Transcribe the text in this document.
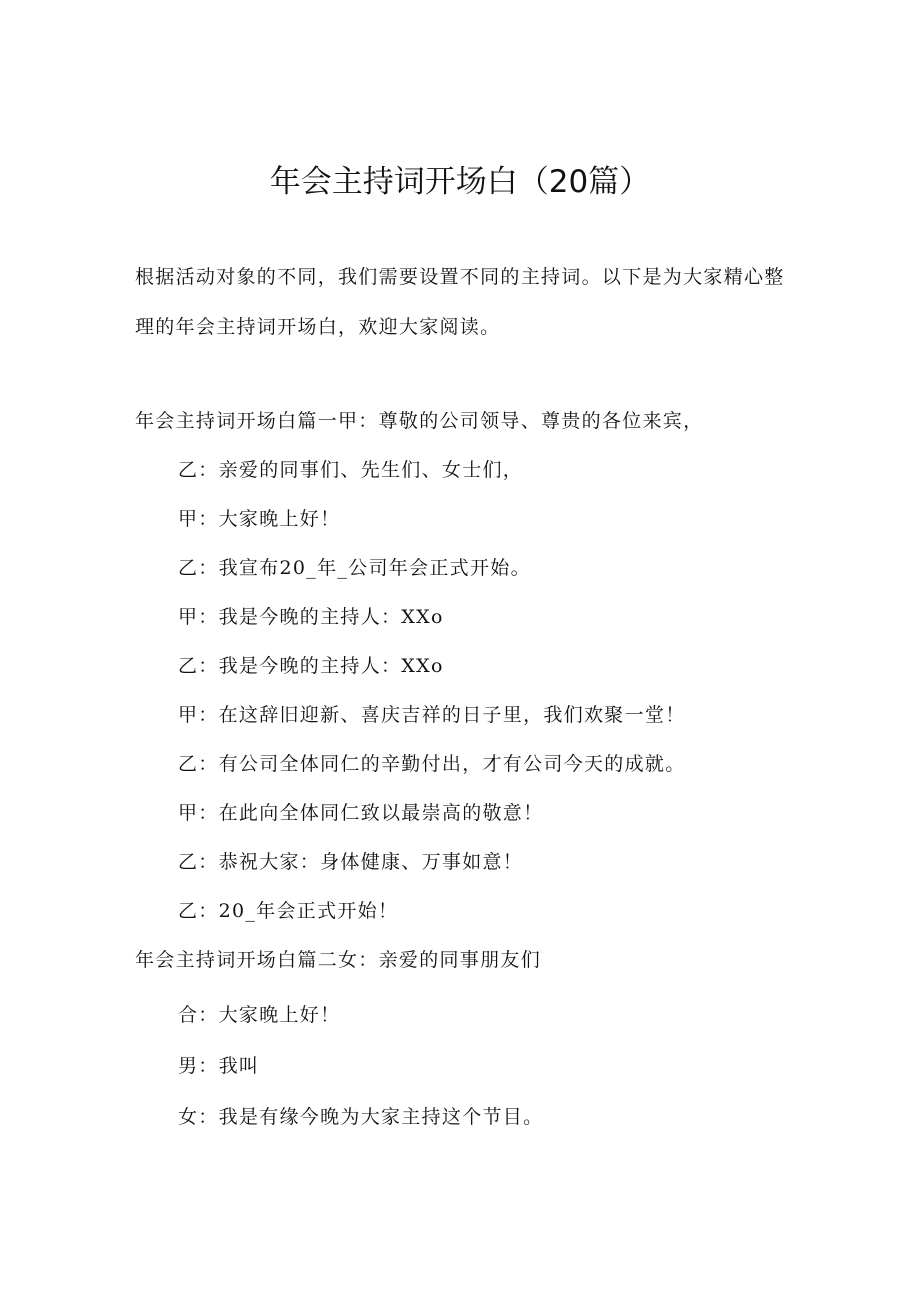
年会主持词开场白（20篇）
根据活动对象的不同，我们需要设置不同的主持词。以下是为大家精心整
理的年会主持词开场白，欢迎大家阅读。
年会主持词开场白篇一甲：尊敬的公司领导、尊贵的各位来宾，
乙：亲爱的同事们、先生们、女士们，
甲：大家晚上好！
乙：我宣布20_年_公司年会正式开始。
甲：我是今晚的主持人：XXo
乙：我是今晚的主持人：XXo
甲：在这辞旧迎新、喜庆吉祥的日子里，我们欢聚一堂！
乙：有公司全体同仁的辛勤付出，才有公司今天的成就。
甲：在此向全体同仁致以最崇高的敬意！
乙：恭祝大家：身体健康、万事如意！
乙：20_年会正式开始！
年会主持词开场白篇二女：亲爱的同事朋友们
合：大家晚上好！
男：我叫
女：我是有缘今晚为大家主持这个节目。
